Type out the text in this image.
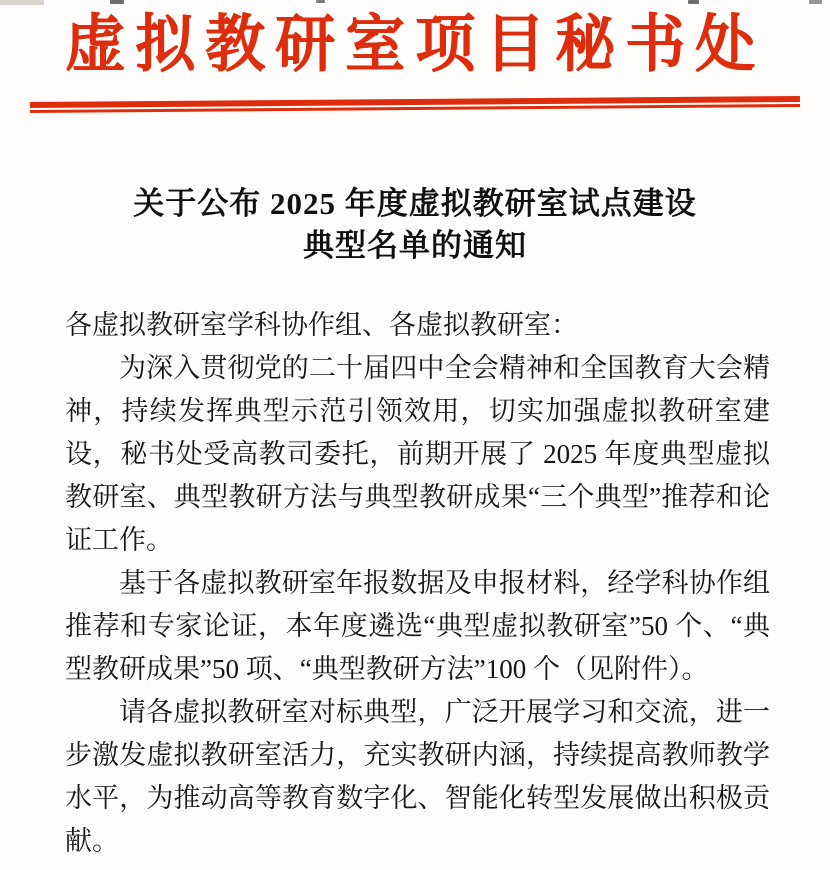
虚拟教研室项目秘书处
关于公布 2025 年度虚拟教研室试点建设
典型名单的通知
各虚拟教研室学科协作组、各虚拟教研室：

为深入贯彻党的二十届四中全会精神和全国教育大会精神，持续发挥典型示范引领效用，切实加强虚拟教研室建设，秘书处受高教司委托，前期开展了 2025 年度典型虚拟教研室、典型教研方法与典型教研成果“三个典型”推荐和论证工作。

基于各虚拟教研室年报数据及申报材料，经学科协作组推荐和专家论证，本年度遴选“典型虚拟教研室”50 个、“典型教研成果”50 项、“典型教研方法”100 个（见附件）。

请各虚拟教研室对标典型，广泛开展学习和交流，进一步激发虚拟教研室活力，充实教研内涵，持续提高教师教学水平，为推动高等教育数字化、智能化转型发展做出积极贡献。
